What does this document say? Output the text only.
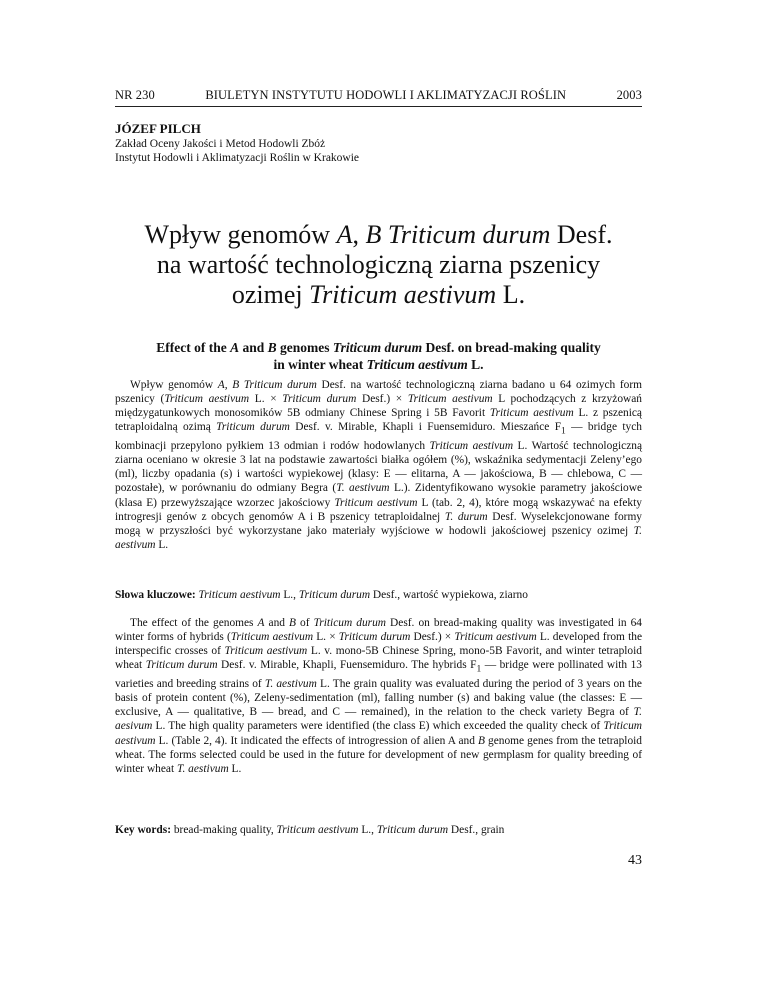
NR 230	BIULETYN INSTYTUTU HODOWLI I AKLIMATYZACJI ROŚLIN	2003
JÓZEF PILCH
Zakład Oceny Jakości i Metod Hodowli Zbóż
Instytut Hodowli i Aklimatyzacji Roślin w Krakowie
Wpływ genomów A, B Triticum durum Desf.
na wartość technologiczną ziarna pszenicy
ozimej Triticum aestivum L.
Effect of the A and B genomes Triticum durum Desf. on bread-making quality
in winter wheat Triticum aestivum L.

Wpływ genomów A, B Triticum durum Desf. na wartość technologiczną ziarna badano u 64 ozimych form pszenicy (Triticum aestivum L. × Triticum durum Desf.) × Triticum aestivum L pochodzących z krzyżowań międzygatunkowych monosomików 5B odmiany Chinese Spring i 5B Favorit Triticum aestivum L. z pszenicą tetraploidalną ozimą Triticum durum Desf. v. Mirable, Khapli i Fuensemiduro. Mieszańce $F_1$ — bridge tych kombinacji przepylono pyłkiem 13 odmian i rodów hodowlanych Triticum aestivum L. Wartość technologiczną ziarna oceniano w okresie 3 lat na podstawie zawartości białka ogółem (%), wskaźnika sedymentacji Zeleny’ego (ml), liczby opadania (s) i wartości wypiekowej (klasy: E — elitarna, A — jakościowa, B — chlebowa, C — pozostałe), w porównaniu do odmiany Begra (T. aestivum L.). Zidentyfikowano wysokie parametry jakościowe (klasa E) przewyższające wzorzec jakościowy Triticum aestivum L (tab. 2, 4), które mogą wskazywać na efekty introgresji genów z obcych genomów A i B pszenicy tetraploidalnej T. durum Desf. Wyselekcjonowane formy mogą w przyszłości być wykorzystane jako materiały wyjściowe w hodowli jakościowej pszenicy ozimej T. aestivum L.

Słowa kluczowe: Triticum aestivum L., Triticum durum Desf., wartość wypiekowa, ziarno

The effect of the genomes A and B of Triticum durum Desf. on bread-making quality was investigated in 64 winter forms of hybrids (Triticum aestivum L. × Triticum durum Desf.) × Triticum aestivum L. developed from the interspecific crosses of Triticum aestivum L. v. mono-5B Chinese Spring, mono-5B Favorit, and winter tetraploid wheat Triticum durum Desf. v. Mirable, Khapli, Fuensemiduro. The hybrids $F_1$ — bridge were pollinated with 13 varieties and breeding strains of T. aestivum L. The grain quality was evaluated during the period of 3 years on the basis of protein content (%), Zeleny-sedimentation (ml), falling number (s) and baking value (the classes: E — exclusive, A — qualitative, B — bread, and C — remained), in the relation to the check variety Begra of T. aesivum L. The high quality parameters were identified (the class E) which exceeded the quality check of Triticum aestivum L. (Table 2, 4). It indicated the effects of introgression of alien A and B genome genes from the tetraploid wheat. The forms selected could be used in the future for development of new germplasm for quality breeding of winter wheat T. aestivum L.

Key words: bread-making quality, Triticum aestivum L., Triticum durum Desf., grain

43
